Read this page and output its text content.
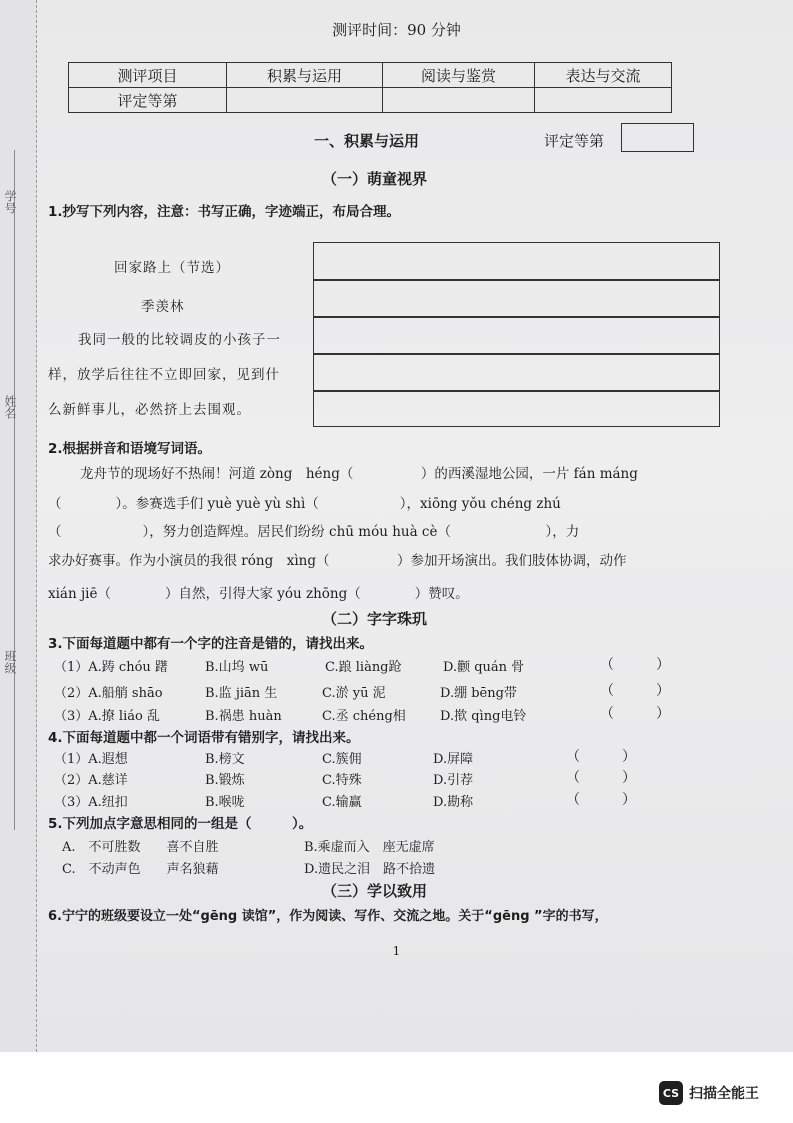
学号
姓名
班级
测评时间：90 分钟
测评项目	积累与运用	阅读与鉴赏	表达与交流
评定等第			
一、积累与运用	评定等第
（一）萌童视界
1.抄写下列内容，注意：书写正确，字迹端正，布局合理。
回家路上（节选）
季羡林
我同一般的比较调皮的小孩子一
样，放学后往往不立即回家，见到什
么新鲜事儿，必然挤上去围观。
2.根据拼音和语境写词语。
龙舟节的现场好不热闹！河道 zòng　héng（　　　　　）的西溪湿地公园，一片 fán máng
（　　　　）。参赛选手们 yuè yuè yù shì（　　　　　　），xiōng yǒu chéng zhú
（　　　　　　），努力创造辉煌。居民们纷纷 chū móu huà cè（　　　　　　　），力
求办好赛事。作为小演员的我很 róng　xìng（　　　　　）参加开场演出。我们肢体协调，动作
xián jiē（　　　　）自然，引得大家 yóu zhōng（　　　　）赞叹。
（二）字字珠玑
3.下面每道题中都有一个字的注音是错的，请找出来。
（1）A.踌 chóu 躇	B.山坞 wū	C.踉 liàng跄	D.颧 quán 骨	（　　　）
（2）A.船艄 shāo	B.监 jiān 生	C.淤 yū 泥	D.绷 bēng带	（　　　）
（3）A.撩 liáo 乱	B.祸患 huàn	C.丞 chéng相	D.揿 qìng电铃	（　　　）
4.下面每道题中都一个词语带有错别字，请找出来。
（1）A.遐想	B.榜文	C.簇佣	D.屏障	（　　　）
（2）A.慈详	B.锻炼	C.特殊	D.引荐	（　　　）
（3）A.纽扣	B.喉咙	C.输赢	D.勘称	（　　　）
5.下列加点字意思相同的一组是（　　　）。
A.　不可胜数　　喜不自胜	B.乘虚而入　座无虚席
C.　不动声色　　声名狼藉	D.遗民之泪　路不拾遗
（三）学以致用
6.宁宁的班级要设立一处“gēng 读馆”，作为阅读、写作、交流之地。关于“gēng ”字的书写，
1
CS 扫描全能王
